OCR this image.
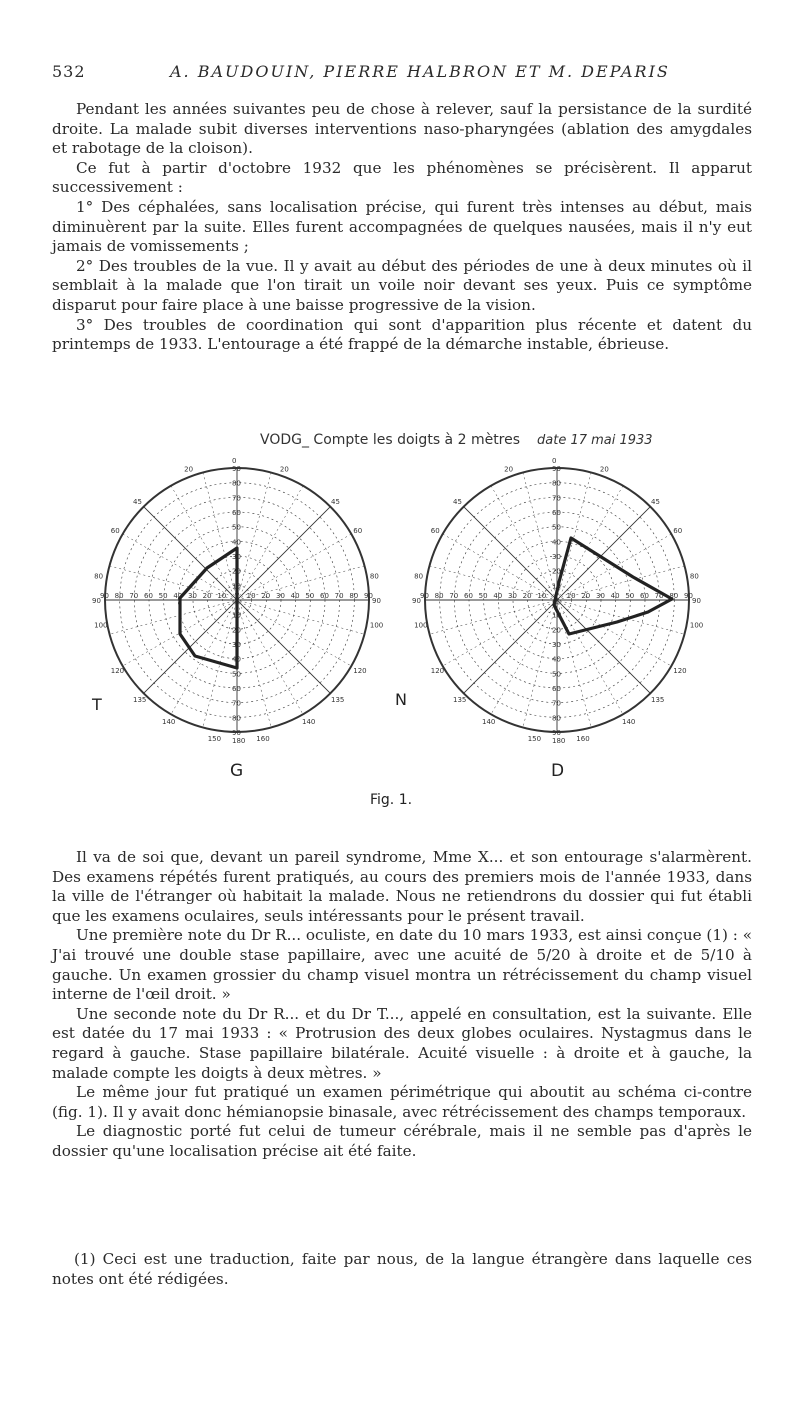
532	A. BAUDOUIN, PIERRE HALBRON ET M. DEPARIS

Pendant les années suivantes peu de chose à relever, sauf la persistance de la surdité droite. La malade subit diverses interventions naso-pharyngées (ablation des amygdales et rabotage de la cloison).

Ce fut à partir d'octobre 1932 que les phénomènes se précisèrent. Il apparut successivement :

1° Des céphalées, sans localisation précise, qui furent très intenses au début, mais diminuèrent par la suite. Elles furent accompagnées de quelques nausées, mais il n'y eut jamais de vomissements ;

2° Des troubles de la vue. Il y avait au début des périodes de une à deux minutes où il semblait à la malade que l'on tirait un voile noir devant ses yeux. Puis ce symptôme disparut pour faire place à une baisse progressive de la vision.

3° Des troubles de coordination qui sont d'apparition plus récente et datent du printemps de 1933. L'entourage a été frappé de la démarche instable, ébrieuse.

VODG_ Compte les doigts à 2 mètres date 17 mai 1933
10
10
10
10
20
20
20
20
30
30
30
30
40
40
40
40
50
50
50
50
60
60
60
60
70
70
70
70
80
80
80
80
90
90
90
90
0
20
20
45
45
60
60
80
80
90
90
100
100
120
120
135
135
140
140
160
150 180
10
10
10
10
20
20
20
20
30
30
30
30
40
40
40
40
50
50
50
50
60
60
60
60
70
70
70
70
80
80
80
80
90
90
90
90
0
20
20
45
45
60
60
80
80
90
90
100
100
120
120
135
135
140
140
160
150 180
T	N
G	D
Fig. 1.

Il va de soi que, devant un pareil syndrome, Mme X... et son entourage s'alarmèrent. Des examens répétés furent pratiqués, au cours des premiers mois de l'année 1933, dans la ville de l'étranger où habitait la malade. Nous ne retiendrons du dossier qui fut établi que les examens oculaires, seuls intéressants pour le présent travail.

Une première note du Dr R... oculiste, en date du 10 mars 1933, est ainsi conçue (1) : « J'ai trouvé une double stase papillaire, avec une acuité de 5/20 à droite et de 5/10 à gauche. Un examen grossier du champ visuel montra un rétrécissement du champ visuel interne de l'œil droit. »

Une seconde note du Dr R... et du Dr T..., appelé en consultation, est la suivante. Elle est datée du 17 mai 1933 : « Protrusion des deux globes oculaires. Nystagmus dans le regard à gauche. Stase papillaire bilatérale. Acuité visuelle : à droite et à gauche, la malade compte les doigts à deux mètres. »

Le même jour fut pratiqué un examen périmétrique qui aboutit au schéma ci-contre (fig. 1). Il y avait donc hémianopsie binasale, avec rétrécissement des champs temporaux.

Le diagnostic porté fut celui de tumeur cérébrale, mais il ne semble pas d'après le dossier qu'une localisation précise ait été faite.

(1) Ceci est une traduction, faite par nous, de la langue étrangère dans laquelle ces notes ont été rédigées.
